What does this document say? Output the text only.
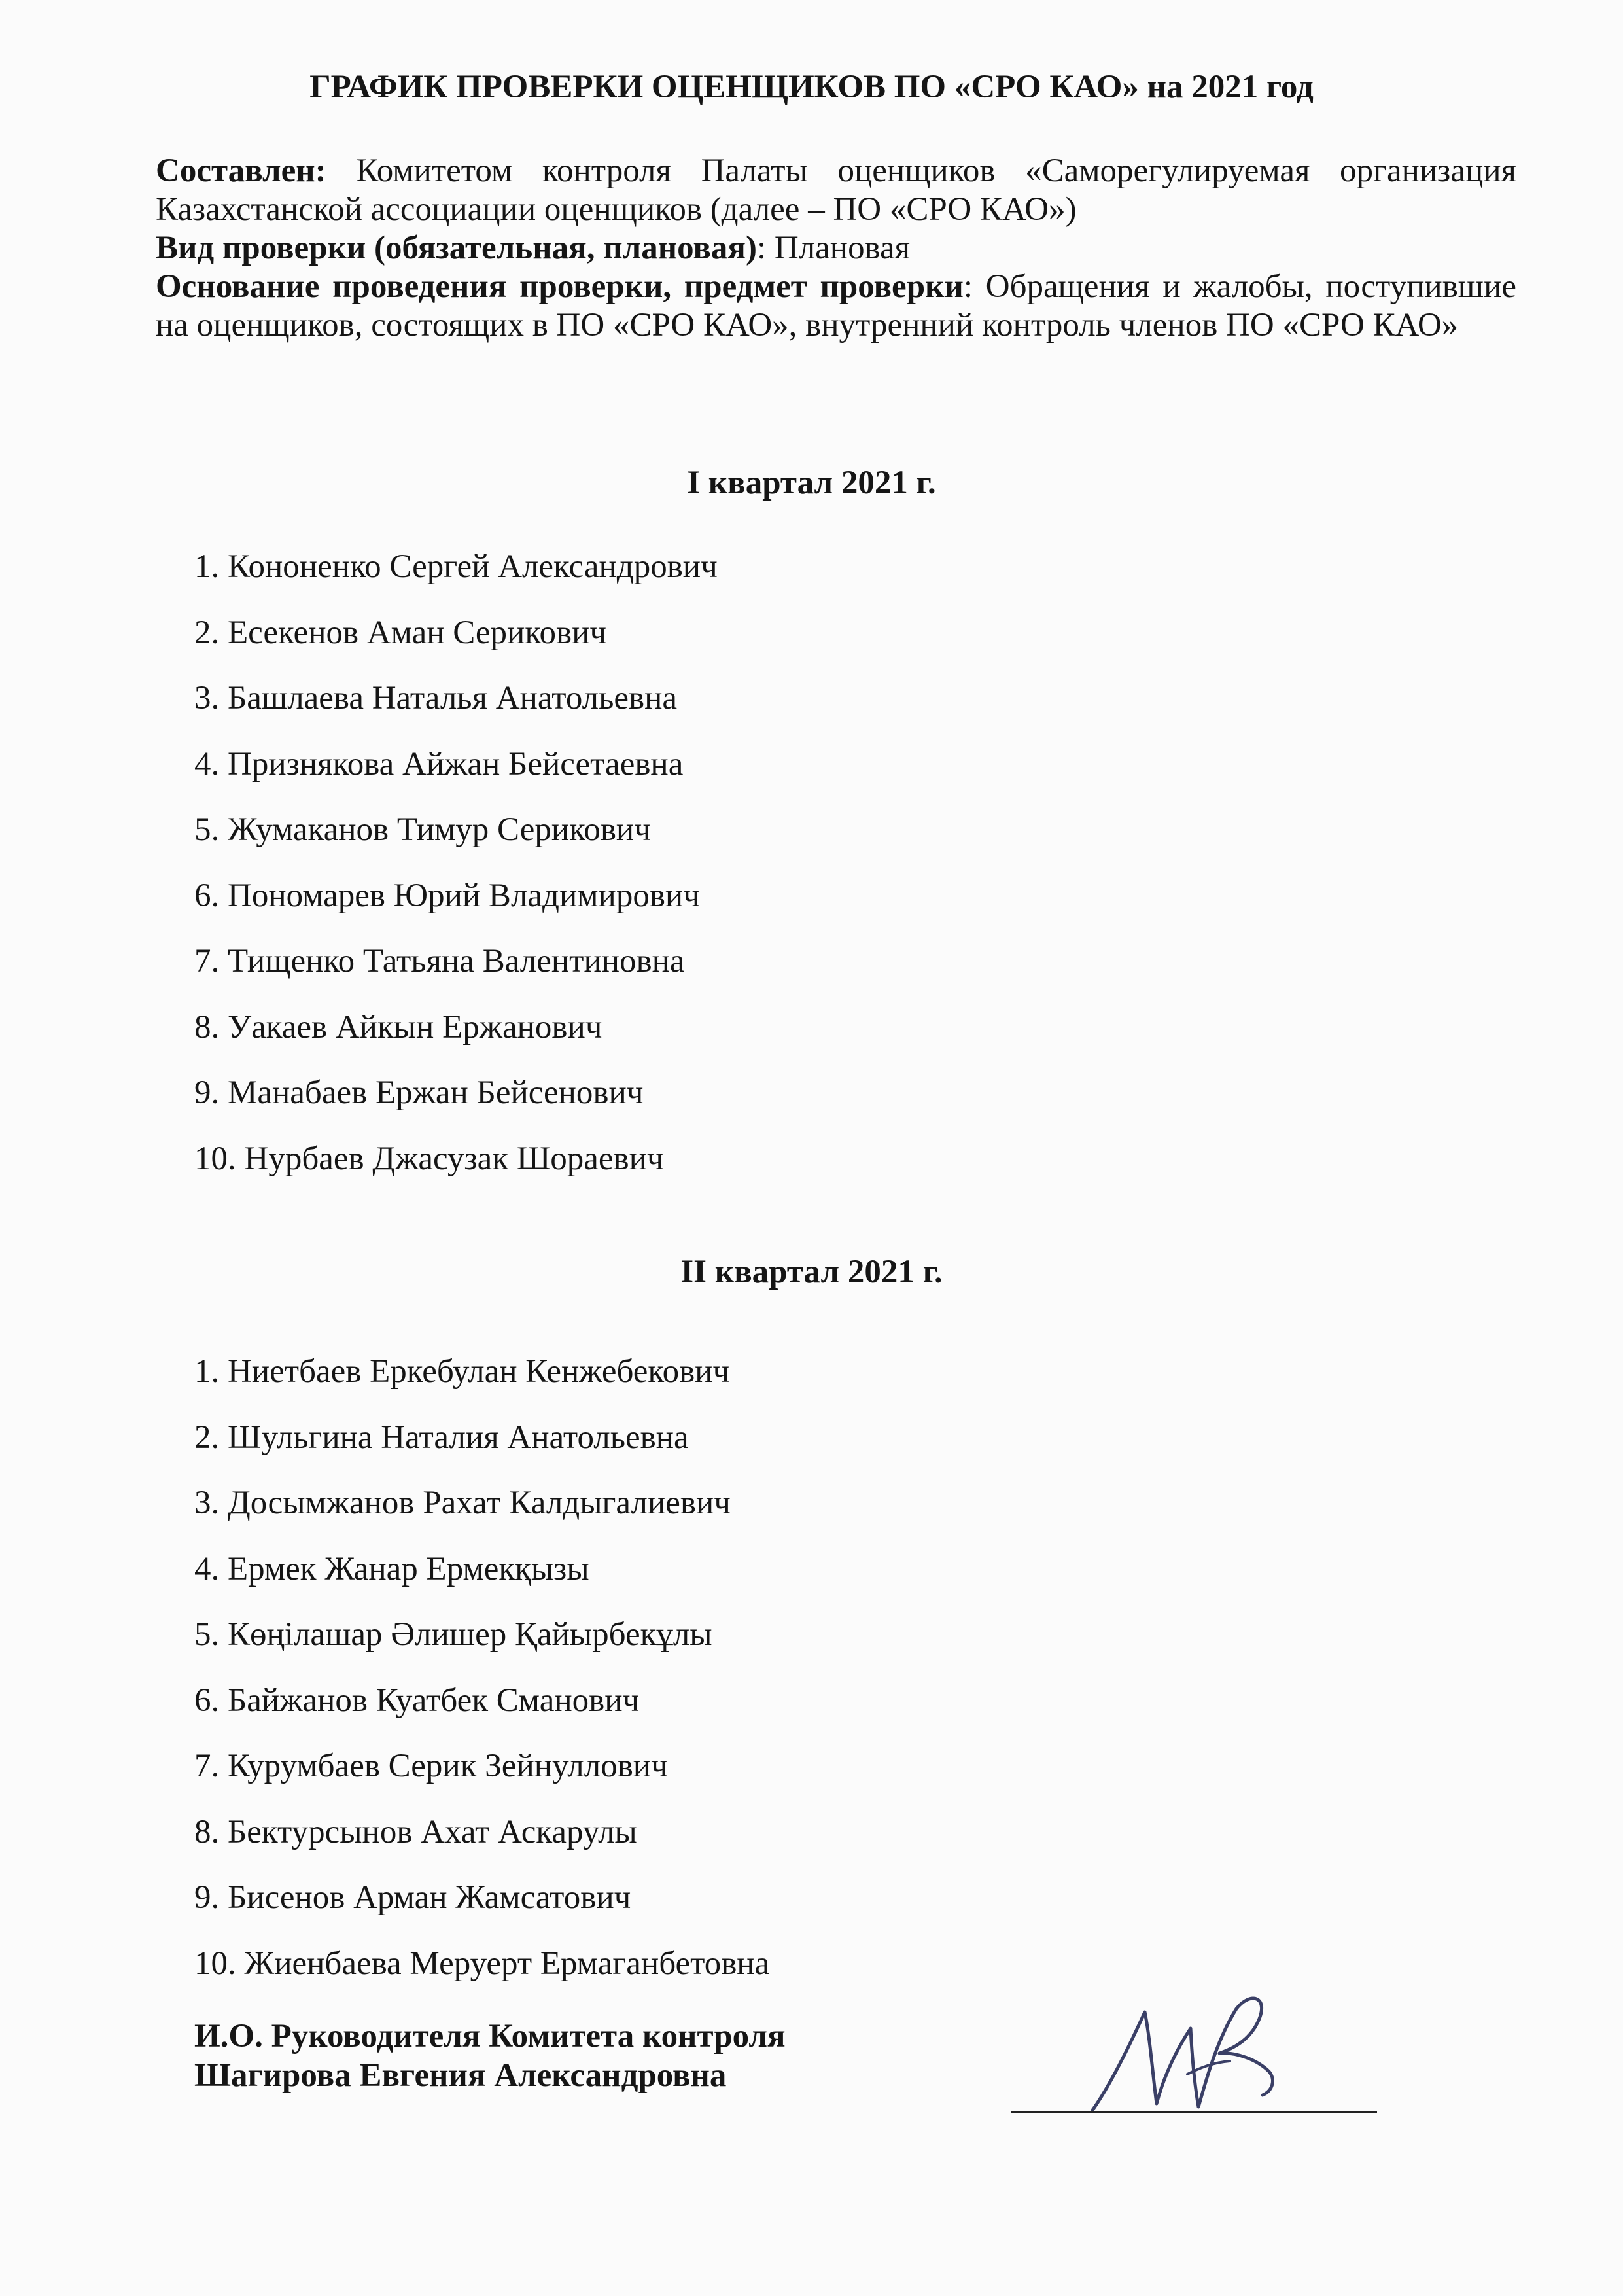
ГРАФИК ПРОВЕРКИ ОЦЕНЩИКОВ ПО «СРО КАО» на 2021 год

Составлен: Комитетом контроля Палаты оценщиков «Саморегулируемая организация Казахстанской ассоциации оценщиков (далее – ПО «СРО КАО»)

Вид проверки (обязательная, плановая): Плановая

Основание проведения проверки, предмет проверки: Обращения и жалобы, поступившие на оценщиков, состоящих в ПО «СРО КАО», внутренний контроль членов ПО «СРО КАО»

I квартал 2021 г.
1. Кононенко Сергей Александрович
2. Есекенов Аман Серикович
3. Башлаева Наталья Анатольевна
4. Признякова Айжан Бейсетаевна
5. Жумаканов Тимур Серикович
6. Пономарев Юрий Владимирович
7. Тищенко Татьяна Валентиновна
8. Уакаев Айкын Ержанович
9. Манабаев Ержан Бейсенович
10. Нурбаев Джасузак Шораевич
II квартал 2021 г.
1. Ниетбаев Еркебулан Кенжебекович
2. Шульгина Наталия Анатольевна
3. Досымжанов Рахат Калдыгалиевич
4. Ермек Жанар Ермекқызы
5. Көңілашар Әлишер Қайырбекұлы
6. Байжанов Куатбек Сманович
7. Курумбаев Серик Зейнуллович
8. Бектурсынов Ахат Аскарулы
9. Бисенов Арман Жамсатович
10. Жиенбаева Меруерт Ермаганбетовна
И.О. Руководителя Комитета контроля
Шагирова Евгения Александровна
